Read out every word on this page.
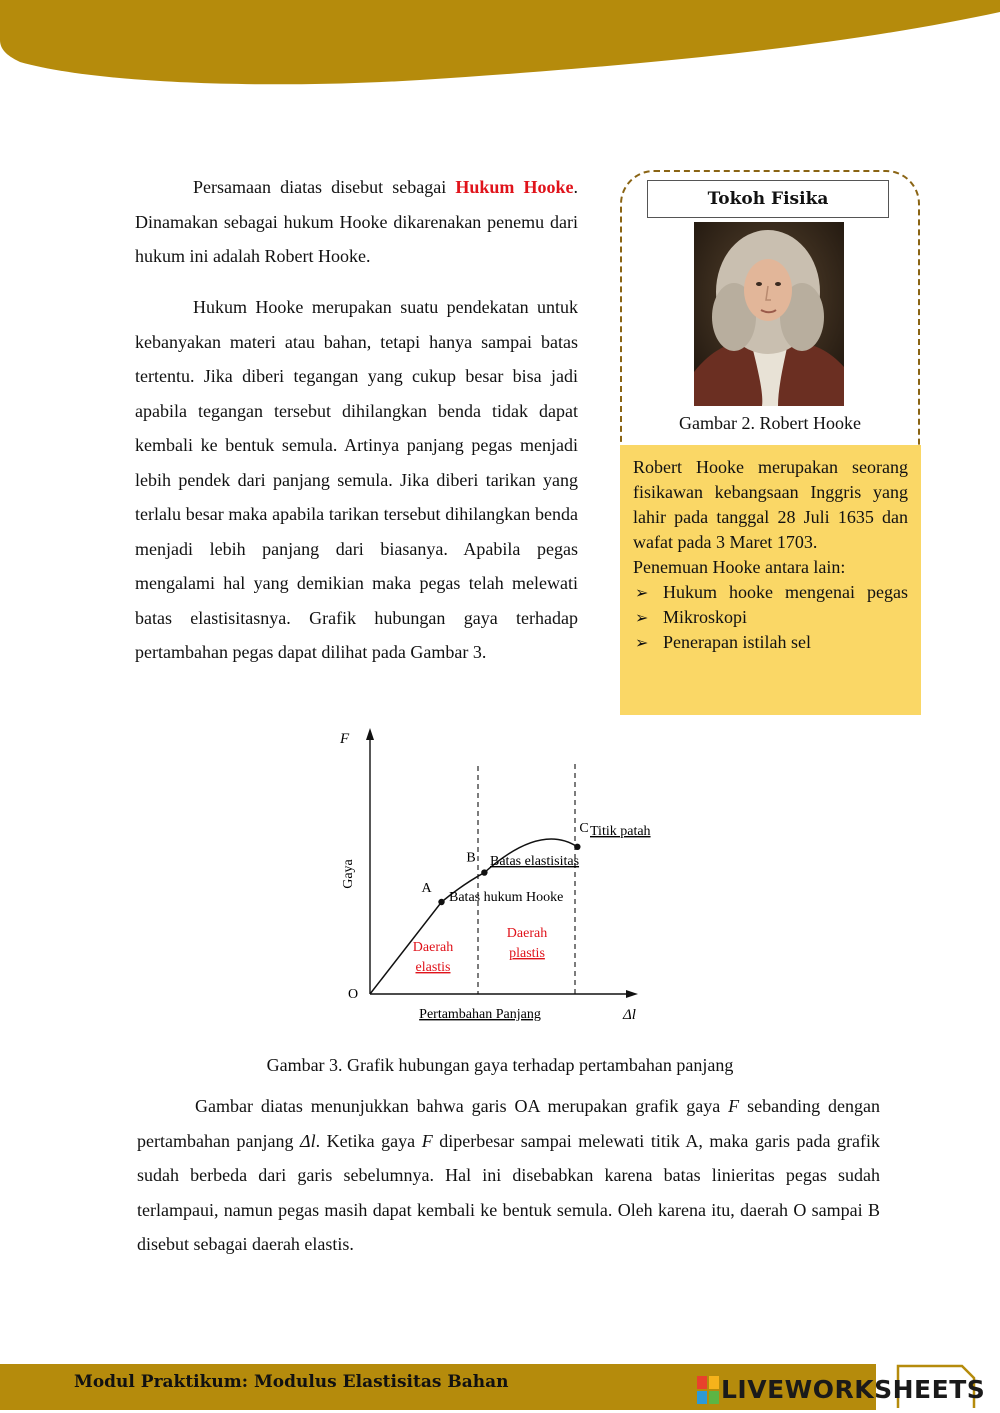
Persamaan diatas disebut sebagai Hukum Hooke. Dinamakan sebagai hukum Hooke dikarenakan penemu dari hukum ini adalah Robert Hooke.

Hukum Hooke merupakan suatu pendekatan untuk kebanyakan materi atau bahan, tetapi hanya sampai batas tertentu. Jika diberi tegangan yang cukup besar bisa jadi apabila tegangan tersebut dihilangkan benda tidak dapat kembali ke bentuk semula. Artinya panjang pegas menjadi lebih pendek dari panjang semula. Jika diberi tarikan yang terlalu besar maka apabila tarikan tersebut dihilangkan benda menjadi lebih panjang dari biasanya. Apabila pegas mengalami hal yang demikian maka pegas telah melewati batas elastisitasnya. Grafik hubungan gaya terhadap pertambahan pegas dapat dilihat pada Gambar 3.

Tokoh Fisika
Gambar 2. Robert Hooke

Robert Hooke merupakan seorang fisikawan kebangsaan Inggris yang lahir pada tanggal 28 Juli 1635 dan wafat pada 3 Maret 1703.

Penemuan Hooke antara lain:
➢ Hukum hooke mengenai pegas
➢ Mikroskopi
➢ Penerapan istilah sel
F
Gaya
O
Pertambahan Panjang	Δl
A
B
C Titik patah
Batas elastisitas
Batas hukum Hooke
Daerah
elastis
Daerah
plastis
Gambar 3. Grafik hubungan gaya terhadap pertambahan panjang

Gambar diatas menunjukkan bahwa garis OA merupakan grafik gaya F sebanding dengan pertambahan panjang Δl. Ketika gaya F diperbesar sampai melewati titik A, maka garis pada grafik sudah berbeda dari garis sebelumnya. Hal ini disebabkan karena batas linieritas pegas sudah terlampaui, namun pegas masih dapat kembali ke bentuk semula. Oleh karena itu, daerah O sampai B disebut sebagai daerah elastis.

Modul Praktikum: Modulus Elastisitas Bahan	LIVEWORKSHEETS
